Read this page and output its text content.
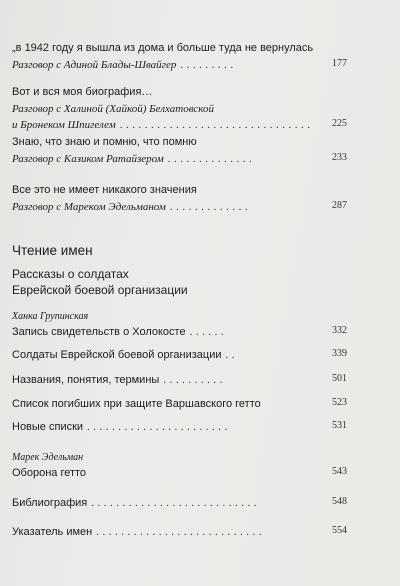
„в 1942 году я вышла из дома и больше туда не вернулась
Разговор с Адиной Блады-Швайгер .........	177
Вот и вся моя биография…
Разговор с Халиной (Хайкой) Белхатовской
и Бронеком Шпигелем ............................... 225
Знаю, что знаю и помню, что помню
Разговор с Казиком Ратайзером ..............	233
Все это не имеет никакого значения
Разговор с Мареком Эдельманом .............	287
Чтение имен
Рассказы о солдатах
Еврейской боевой организации
Ханка Групинская
Запись свидетельств о Холокосте ......	332
Солдаты Еврейской боевой организации ..	339
Названия, понятия, термины ..........	501
Список погибших при защите Варшавского гетто	523
Новые списки .......................	531
Марек Эдельман
Оборона гетто	543
Библиография ...........................	548
Указатель имен ...........................	554
